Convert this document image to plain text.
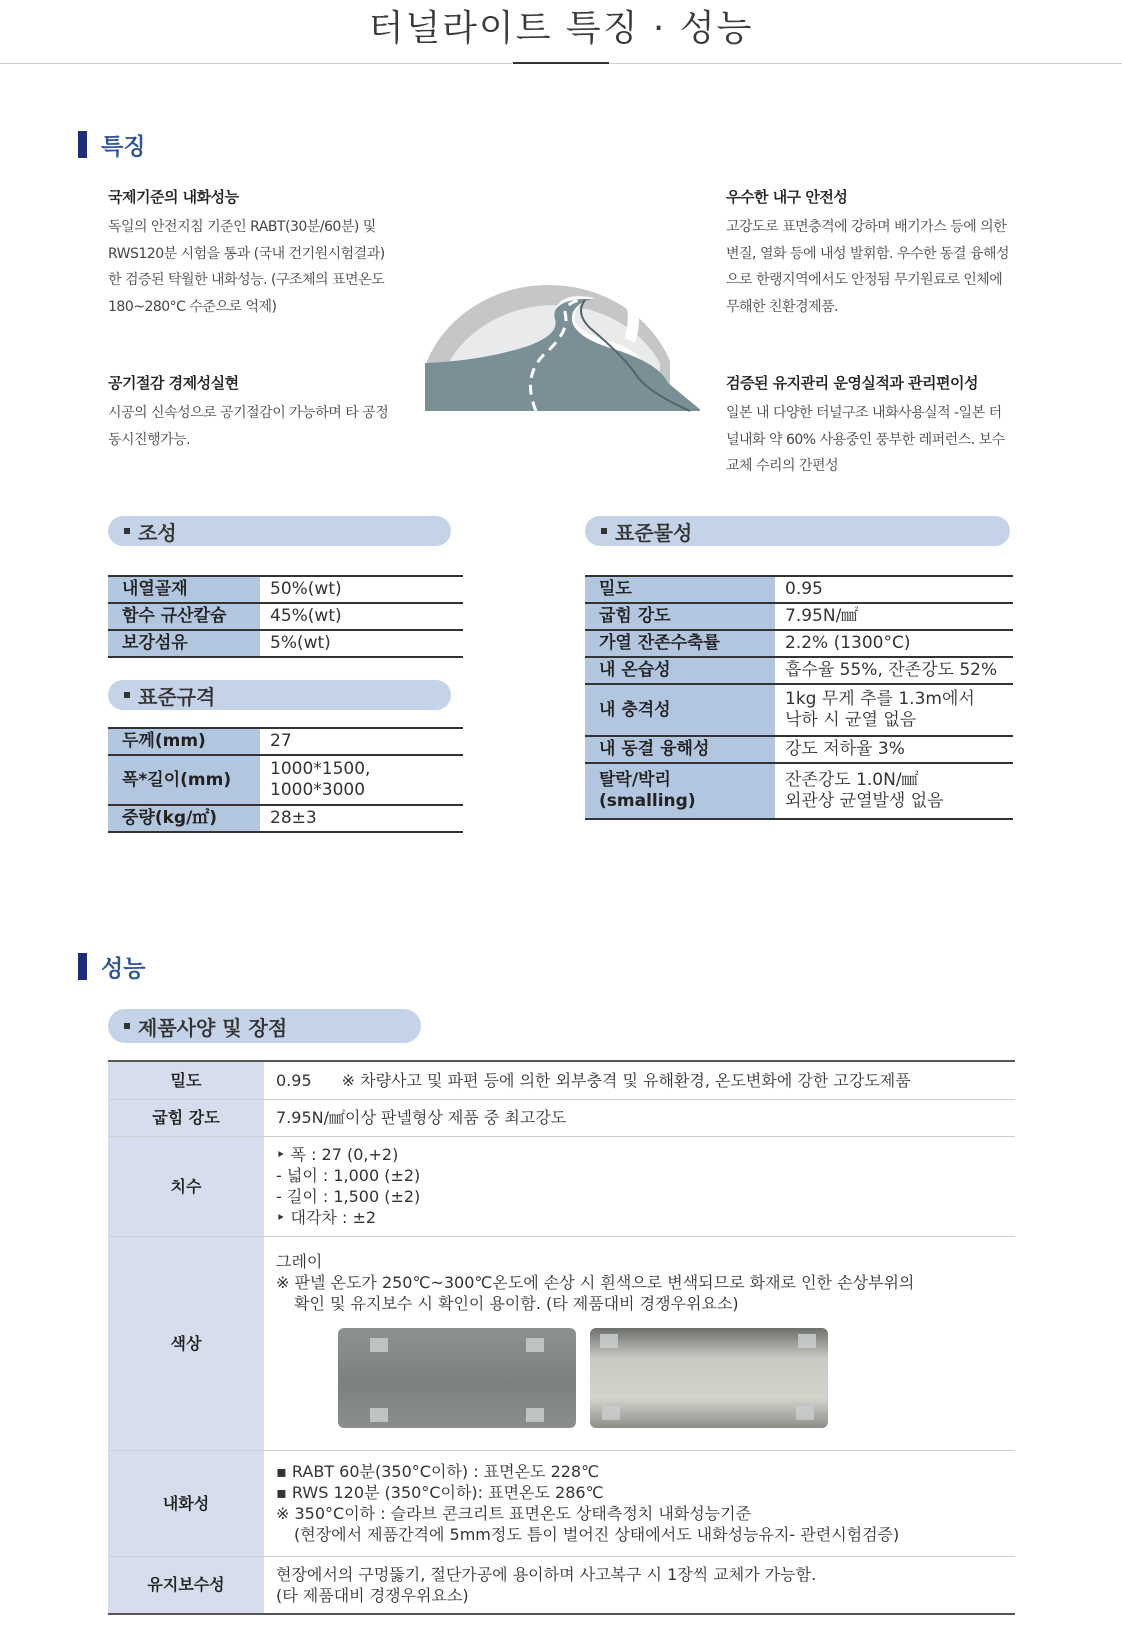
터널라이트 특징 · 성능
특징
국제기준의 내화성능
독일의 안전지침 기준인 RABT(30분/60분) 및
RWS120분 시험을 통과 (국내 건기원시험결과)
한 검증된 탁월한 내화성능. (구조체의 표면온도
180~280°C 수준으로 억제)
우수한 내구 안전성
고강도로 표면충격에 강하며 배기가스 등에 의한
변질, 열화 등에 내성 발휘함. 우수한 동결 융해성
으로 한랭지역에서도 안정됨 무기원료로 인체에
무해한 친환경제품.
공기절감 경제성실현
시공의 신속성으로 공기절감이 가능하며 타 공정
동시진행가능.
검증된 유지관리 운영실적과 관리편이성
일본 내 다양한 터널구조 내화사용실적 -일본 터
널내화 약 60% 사용중인 풍부한 레퍼런스. 보수
교체 수리의 간편성
조성
내열골재	50%(wt)
함수 규산칼슘	45%(wt)
보강섬유	5%(wt)
표준규격
두께(mm)	27

폭*길이(mm)	1000*1500,
1000*3000

중량(kg/㎡)	28±3
표준물성
밀도	0.95

굽힘 강도	7.95N/㎟

가열 잔존수축률	2.2% (1300°C)

내 온습성	흡수율 55%, 잔존강도 52%

내 충격성	1kg 무게 추를 1.3m에서
낙하 시 균열 없음

내 동결 융해성	강도 저하율 3%

탈락/박리(smalling)	잔존강도 1.0N/㎟
외관상 균열발생 없음
성능
제품사양 및 장점
밀도	0.95 ※ 차량사고 및 파편 등에 의한 외부충격 및 유해환경, 온도변화에 강한 고강도제품
굽힘 강도	7.95N/㎟이상 판넬형상 제품 중 최고강도
치수	‣ 폭 : 27 (0,+2)
- 넓이 : 1,000 (±2)
- 길이 : 1,500 (±2)
‣ 대각차 : ±2

색상	그레이
※ 판넬 온도가 250℃~300℃온도에 손상 시 흰색으로 변색되므로 화재로 인한 손상부위의
확인 및 유지보수 시 확인이 용이함. (타 제품대비 경쟁우위요소)

내화성	▪ RABT 60분(350°C이하) : 표면온도 228℃
▪ RWS 120분 (350°C이하): 표면온도 286℃
※ 350°C이하 : 슬라브 콘크리트 표면온도 상태측정치 내화성능기준
(현장에서 제품간격에 5mm정도 틈이 벌어진 상태에서도 내화성능유지- 관련시험검증)

유지보수성	현장에서의 구멍뚫기, 절단가공에 용이하며 사고복구 시 1장씩 교체가 가능함.
(타 제품대비 경쟁우위요소)
